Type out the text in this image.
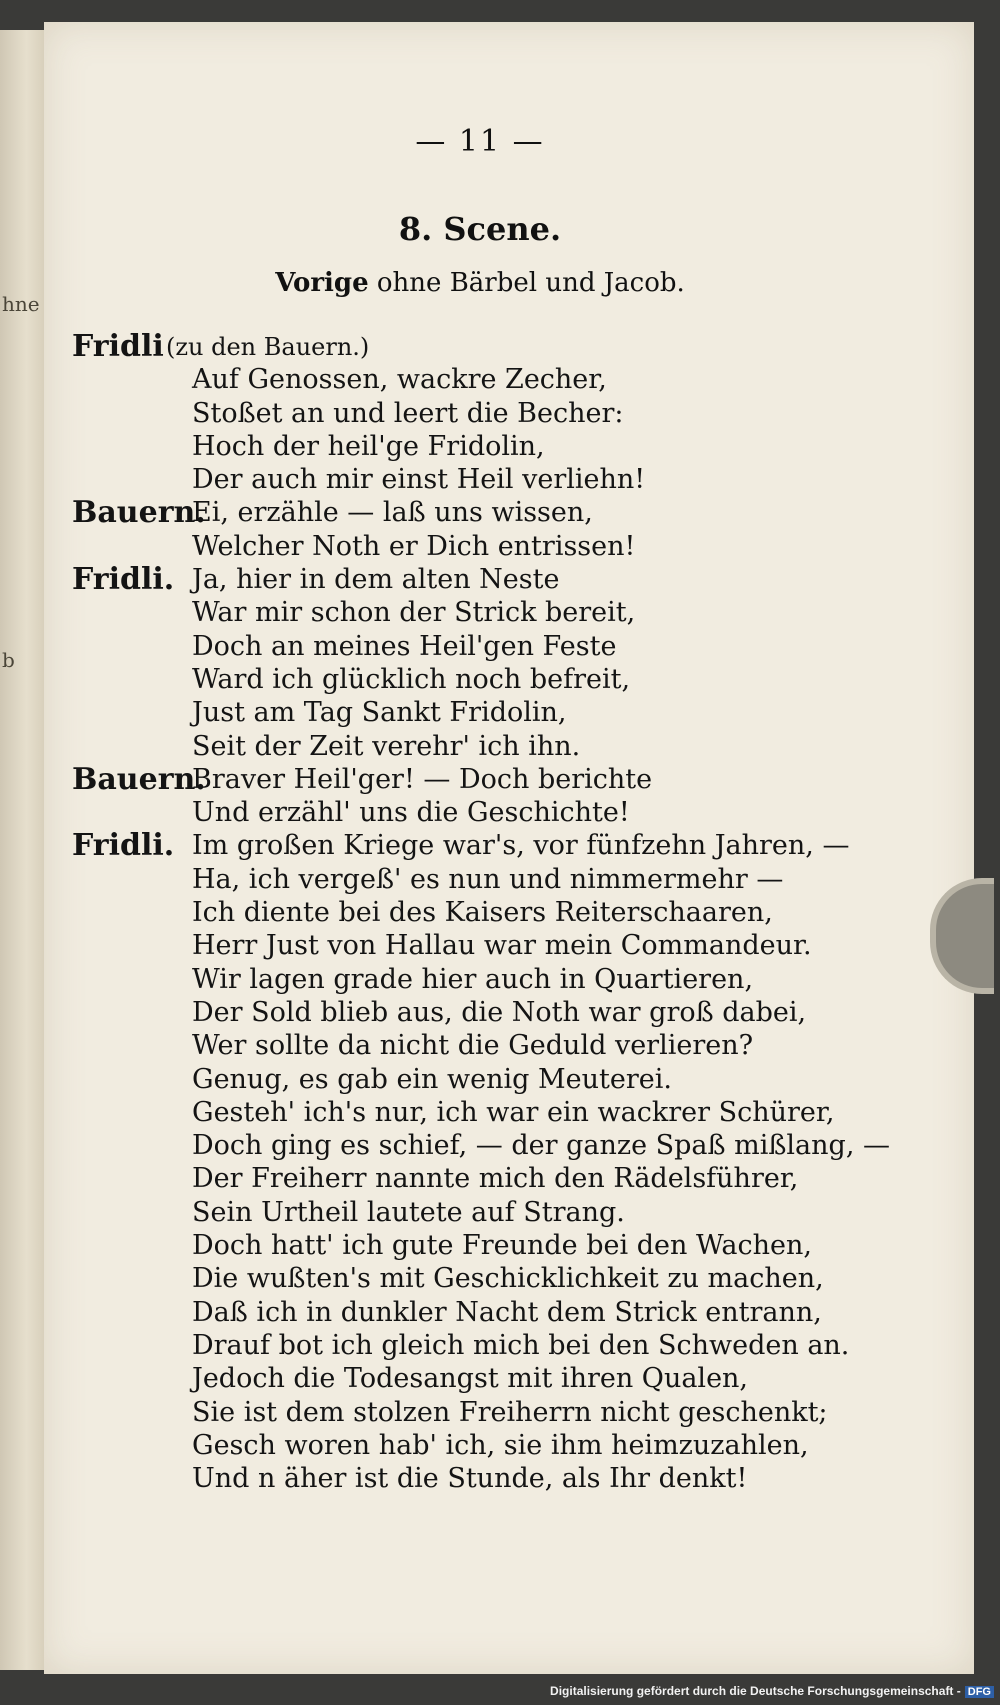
hne
b
— 11 —
8. Scene.
Vorige ohne Bärbel und Jacob.
Fridli (zu den Bauern.)
Auf Genossen, wackre Zecher,
Stoßet an und leert die Becher:
Hoch der heil'ge Fridolin,
Der auch mir einst Heil verliehn!
Bauern.
Ei, erzähle — laß uns wissen,
Welcher Noth er Dich entrissen!
Fridli. Ja, hier in dem alten Neste
War mir schon der Strick bereit,
Doch an meines Heil'gen Feste
Ward ich glücklich noch befreit,
Just am Tag Sankt Fridolin,
Seit der Zeit verehr' ich ihn.
Bauern.
Braver Heil'ger! — Doch berichte
Und erzähl' uns die Geschichte!
Fridli. Im großen Kriege war's, vor fünfzehn Jahren, —
Ha, ich vergeß' es nun und nimmermehr —
Ich diente bei des Kaisers Reiterschaaren,
Herr Just von Hallau war mein Commandeur.
Wir lagen grade hier auch in Quartieren,
Der Sold blieb aus, die Noth war groß dabei,
Wer sollte da nicht die Geduld verlieren?
Genug, es gab ein wenig Meuterei.
Gesteh' ich's nur, ich war ein wackrer Schürer,
Doch ging es schief, — der ganze Spaß mißlang, —
Der Freiherr nannte mich den Rädelsführer,
Sein Urtheil lautete auf Strang.
Doch hatt' ich gute Freunde bei den Wachen,
Die wußten's mit Geschicklichkeit zu machen,
Daß ich in dunkler Nacht dem Strick entrann,
Drauf bot ich gleich mich bei den Schweden an.
Jedoch die Todesangst mit ihren Qualen,
Sie ist dem stolzen Freiherrn nicht geschenkt;
Gesch woren hab' ich, sie ihm heimzuzahlen,
Und n äher ist die Stunde, als Ihr denkt!
Digitalisierung gefördert durch die Deutsche Forschungsgemeinschaft - DFG
